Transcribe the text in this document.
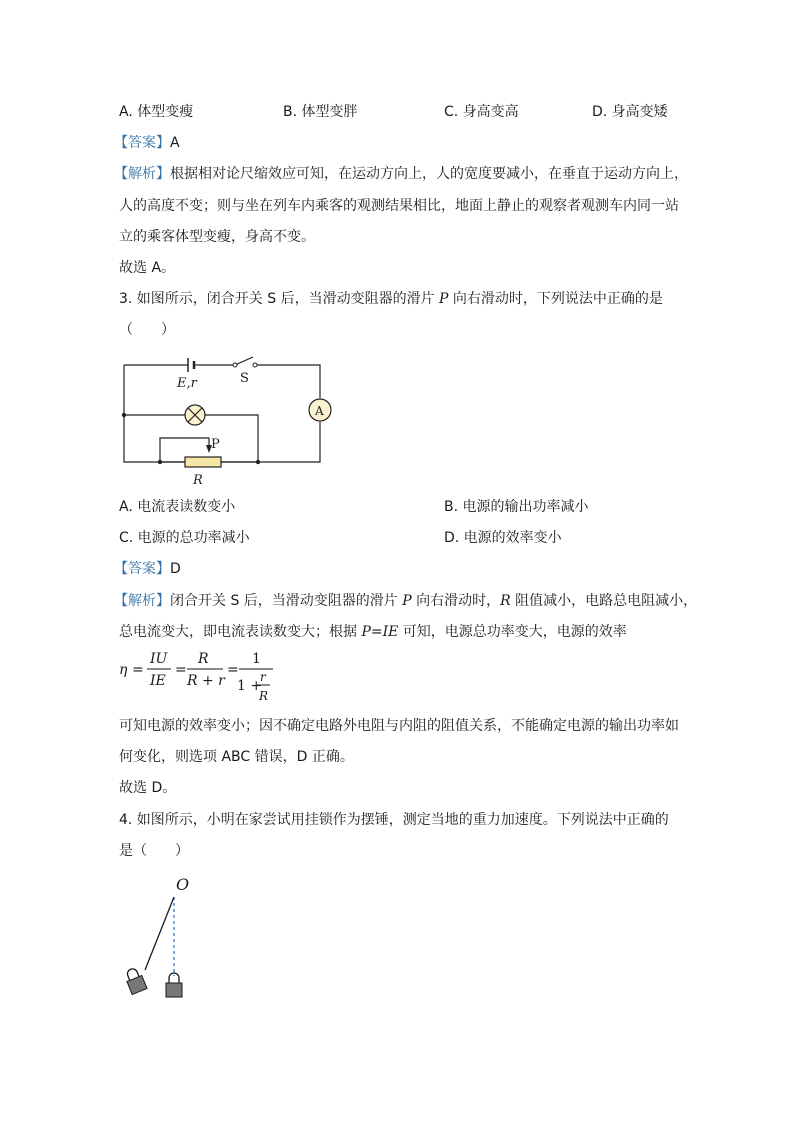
A. 体型变瘦	B. 体型变胖	C. 身高变高	D. 身高变矮
【答案】A
【解析】根据相对论尺缩效应可知，在运动方向上，人的宽度要减小，在垂直于运动方向上，
人的高度不变；则与坐在列车内乘客的观测结果相比，地面上静止的观察者观测车内同一站
立的乘客体型变瘦，身高不变。
故选 A。
3. 如图所示，闭合开关 S 后，当滑动变阻器的滑片 P 向右滑动时，下列说法中正确的是
（　　）
E,r	S
A
P
R
A. 电流表读数变小	B. 电源的输出功率减小
C. 电源的总功率减小	D. 电源的效率变小
【答案】D
【解析】闭合开关 S 后，当滑动变阻器的滑片 P 向右滑动时，R 阻值减小，电路总电阻减小，
总电流变大，即电流表读数变大；根据 P=IE 可知，电源总功率变大，电源的效率
η =
IU
IE
=
R
R + r
=
1
1 +
r
R
可知电源的效率变小；因不确定电路外电阻与内阻的阻值关系，不能确定电源的输出功率如
何变化，则选项 ABC 错误，D 正确。
故选 D。
4. 如图所示，小明在家尝试用挂锁作为摆锤，测定当地的重力加速度。下列说法中正确的
是（　　）
O
